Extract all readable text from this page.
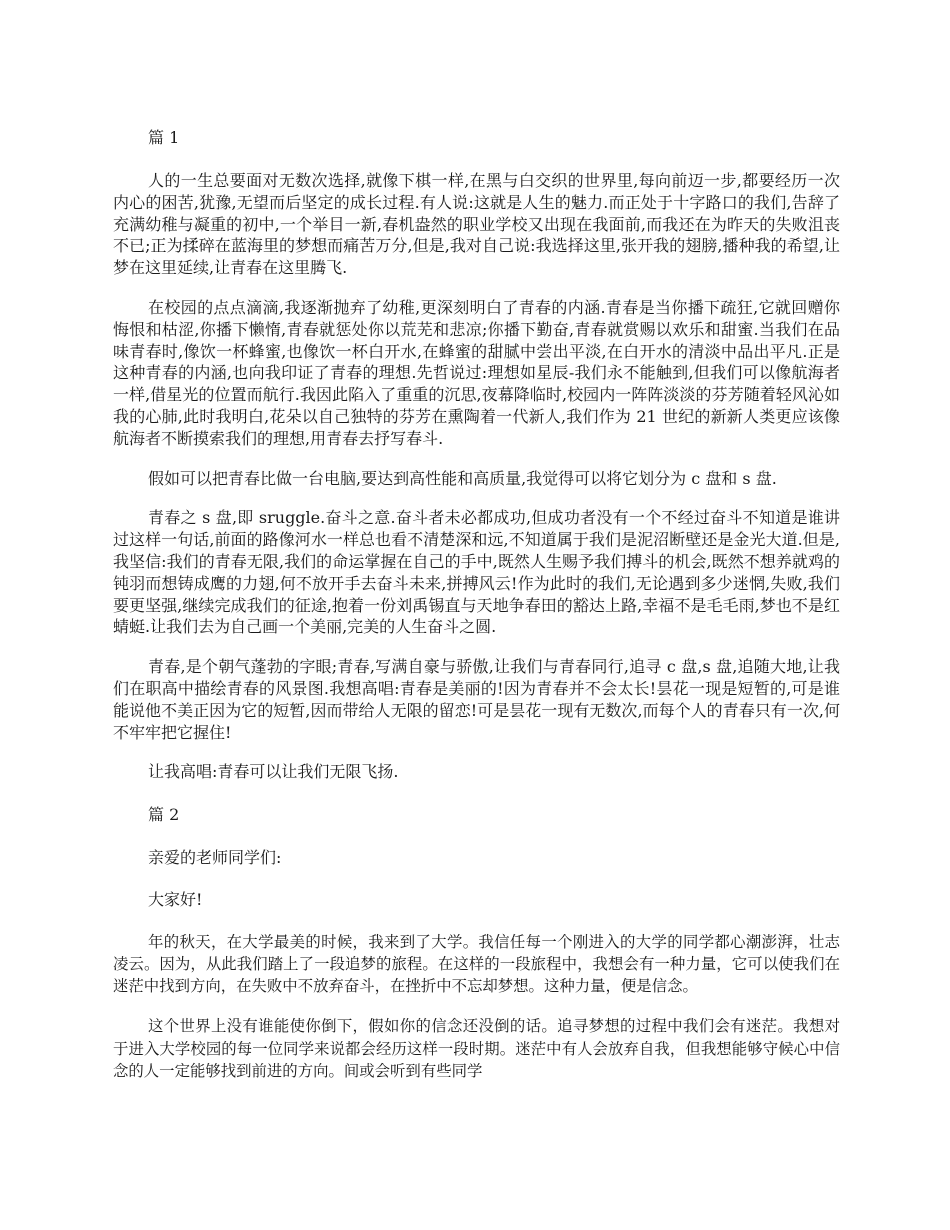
篇 1

人的一生总要面对无数次选择,就像下棋一样,在黑与白交织的世界里,每向前迈一步,都要经历一次内心的困苦,犹豫,无望而后坚定的成长过程.有人说:这就是人生的魅力.而正处于十字路口的我们,告辞了充满幼稚与凝重的初中,一个举目一新,春机盎然的职业学校又出现在我面前,而我还在为昨天的失败沮丧不已;正为揉碎在蓝海里的梦想而痛苦万分,但是,我对自己说:我选择这里,张开我的翅膀,播种我的希望,让梦在这里延续,让青春在这里腾飞.

在校园的点点滴滴,我逐渐抛弃了幼稚,更深刻明白了青春的内涵.青春是当你播下疏狂,它就回赠你悔恨和枯涩,你播下懒惰,青春就惩处你以荒芜和悲凉;你播下勤奋,青春就赏赐以欢乐和甜蜜.当我们在品味青春时,像饮一杯蜂蜜,也像饮一杯白开水,在蜂蜜的甜腻中尝出平淡,在白开水的清淡中品出平凡.正是这种青春的内涵,也向我印证了青春的理想.先哲说过:理想如星辰-我们永不能触到,但我们可以像航海者一样,借星光的位置而航行.我因此陷入了重重的沉思,夜幕降临时,校园内一阵阵淡淡的芬芳随着轻风沁如我的心肺,此时我明白,花朵以自己独特的芬芳在熏陶着一代新人,我们作为 21 世纪的新新人类更应该像航海者不断摸索我们的理想,用青春去抒写春斗.

假如可以把青春比做一台电脑,要达到高性能和高质量,我觉得可以将它划分为 c 盘和 s 盘.

青春之 s 盘,即 sruggle.奋斗之意.奋斗者未必都成功,但成功者没有一个不经过奋斗不知道是谁讲过这样一句话,前面的路像河水一样总也看不清楚深和远,不知道属于我们是泥沼断壁还是金光大道.但是,我坚信:我们的青春无限,我们的命运掌握在自己的手中,既然人生赐予我们搏斗的机会,既然不想养就鸡的钝羽而想铸成鹰的力翅,何不放开手去奋斗未来,拼搏风云!作为此时的我们,无论遇到多少迷惘,失败,我们要更坚强,继续完成我们的征途,抱着一份刘禹锡直与天地争春田的豁达上路,幸福不是毛毛雨,梦也不是红蜻蜓.让我们去为自己画一个美丽,完美的人生奋斗之圆.

青春,是个朝气蓬勃的字眼;青春,写满自豪与骄傲,让我们与青春同行,追寻 c 盘,s 盘,追随大地,让我们在职高中描绘青春的风景图.我想高唱:青春是美丽的!因为青春并不会太长!昙花一现是短暂的,可是谁能说他不美正因为它的短暂,因而带给人无限的留恋!可是昙花一现有无数次,而每个人的青春只有一次,何不牢牢把它握住!

让我高唱:青春可以让我们无限飞扬.

篇 2

亲爱的老师同学们:

大家好!

年的秋天，在大学最美的时候，我来到了大学。我信任每一个刚进入的大学的同学都心潮澎湃，壮志凌云。因为，从此我们踏上了一段追梦的旅程。在这样的一段旅程中，我想会有一种力量，它可以使我们在迷茫中找到方向，在失败中不放弃奋斗，在挫折中不忘却梦想。这种力量，便是信念。

这个世界上没有谁能使你倒下，假如你的信念还没倒的话。追寻梦想的过程中我们会有迷茫。我想对于进入大学校园的每一位同学来说都会经历这样一段时期。迷茫中有人会放弃自我，但我想能够守候心中信念的人一定能够找到前进的方向。间或会听到有些同学
